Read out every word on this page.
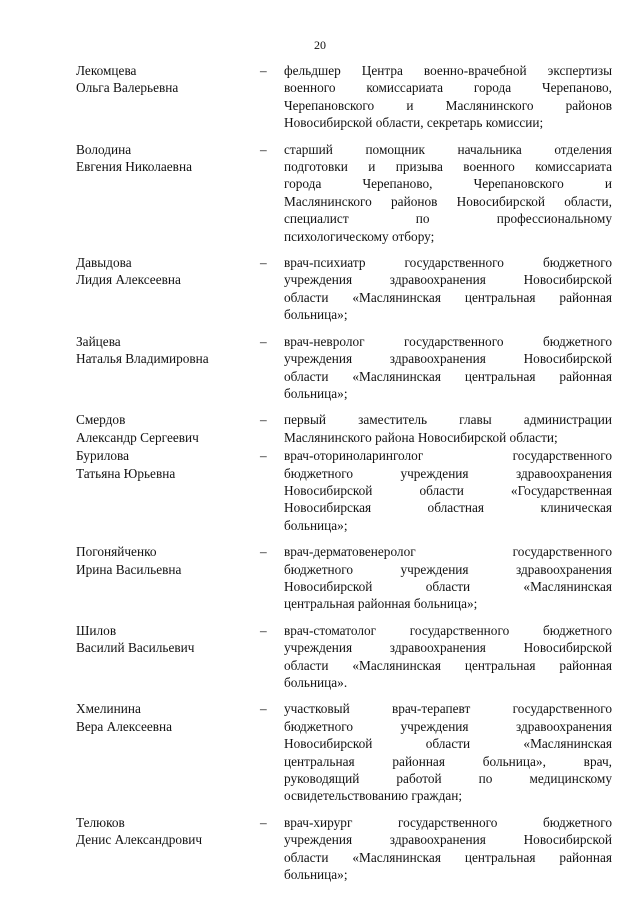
20
Лекомцева
Ольга Валерьевна
–	фельдшер Центра военно-врачебной экспертизы
военного комиссариата города Черепаново,
Черепановского и Маслянинского районов
Новосибирской области, секретарь комиссии;
Володина
Евгения Николаевна
–	старший помощник начальника отделения
подготовки и призыва военного комиссариата
города Черепаново, Черепановского и
Маслянинского районов Новосибирской области,
специалист по профессиональному
психологическому отбору;
Давыдова
Лидия Алексеевна
–	врач-психиатр государственного бюджетного
учреждения здравоохранения Новосибирской
области «Маслянинская центральная районная
больница»;
Зайцева
Наталья Владимировна
–	врач-невролог государственного бюджетного
учреждения здравоохранения Новосибирской
области «Маслянинская центральная районная
больница»;
Смердов
Александр Сергеевич
–	первый заместитель главы администрации
Маслянинского района Новосибирской области;
Бурилова
Татьяна Юрьевна
–	врач-оториноларинголог государственного
бюджетного учреждения здравоохранения
Новосибирской области «Государственная
Новосибирская областная клиническая
больница»;
Погоняйченко
Ирина Васильевна
–	врач-дерматовенеролог государственного
бюджетного учреждения здравоохранения
Новосибирской области «Маслянинская
центральная районная больница»;
Шилов
Василий Васильевич
–	врач-стоматолог государственного бюджетного
учреждения здравоохранения Новосибирской
области «Маслянинская центральная районная
больница».
Хмелинина
Вера Алексеевна
–	участковый врач-терапевт государственного
бюджетного учреждения здравоохранения
Новосибирской области «Маслянинская
центральная районная больница», врач,
руководящий работой по медицинскому
освидетельствованию граждан;
Телюков
Денис Александрович
–	врач-хирург государственного бюджетного
учреждения здравоохранения Новосибирской
области «Маслянинская центральная районная
больница»;
